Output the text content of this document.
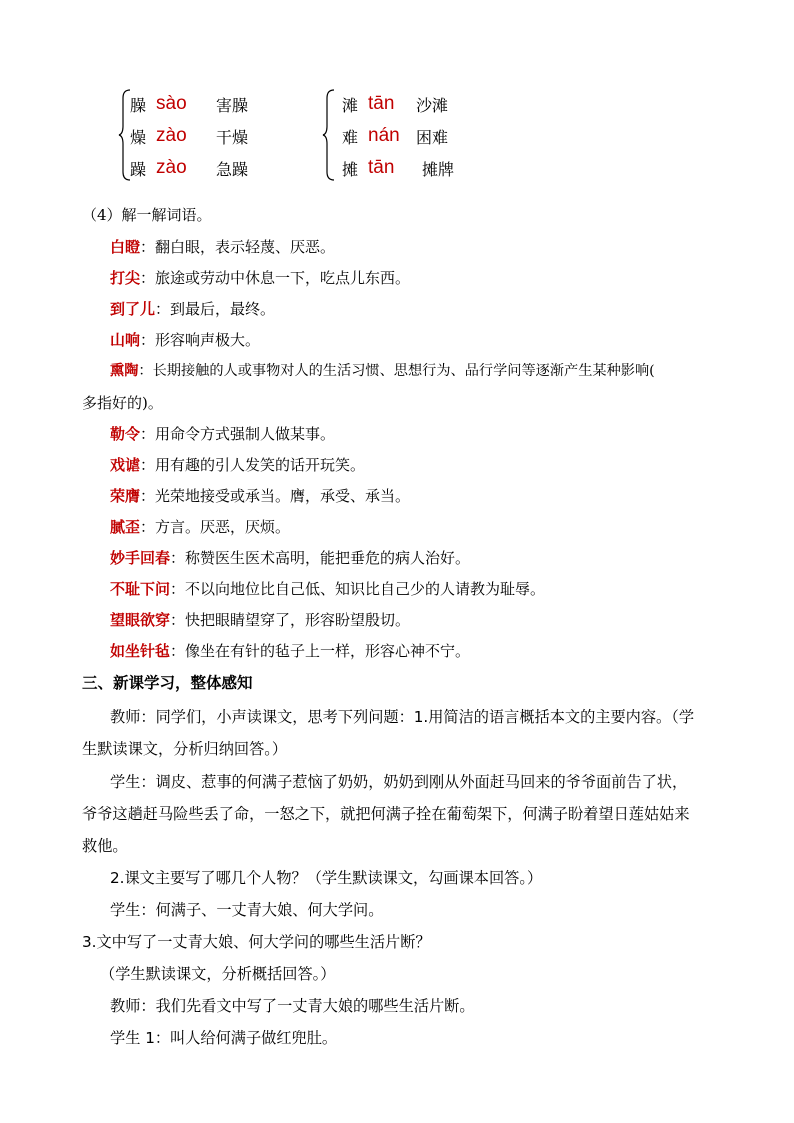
臊 sào	害臊
燥 zào	干燥
躁 zào	急躁
滩 tān	沙滩
难 nán	困难
摊 tān	摊牌
（4）解一解词语。
白瞪：翻白眼，表示轻蔑、厌恶。
打尖：旅途或劳动中休息一下，吃点儿东西。
到了儿：到最后，最终。
山响：形容响声极大。
熏陶：长期接触的人或事物对人的生活习惯、思想行为、品行学问等逐渐产生某种影响(
多指好的)。
勒令：用命令方式强制人做某事。
戏谑：用有趣的引人发笑的话开玩笑。
荣膺：光荣地接受或承当。膺，承受、承当。
腻歪：方言。厌恶，厌烦。
妙手回春：称赞医生医术高明，能把垂危的病人治好。
不耻下问：不以向地位比自己低、知识比自己少的人请教为耻辱。
望眼欲穿：快把眼睛望穿了，形容盼望殷切。
如坐针毡：像坐在有针的毡子上一样，形容心神不宁。
三、新课学习，整体感知
教师：同学们，小声读课文，思考下列问题：1.用简洁的语言概括本文的主要内容。（学
生默读课文，分析归纳回答。）
学生：调皮、惹事的何满子惹恼了奶奶，奶奶到刚从外面赶马回来的爷爷面前告了状，
爷爷这趟赶马险些丢了命，一怒之下，就把何满子拴在葡萄架下，何满子盼着望日莲姑姑来
救他。
2.课文主要写了哪几个人物？（学生默读课文，勾画课本回答。）
学生：何满子、一丈青大娘、何大学问。
3.文中写了一丈青大娘、何大学问的哪些生活片断？
（学生默读课文，分析概括回答。）
教师：我们先看文中写了一丈青大娘的哪些生活片断。
学生 1：叫人给何满子做红兜肚。
